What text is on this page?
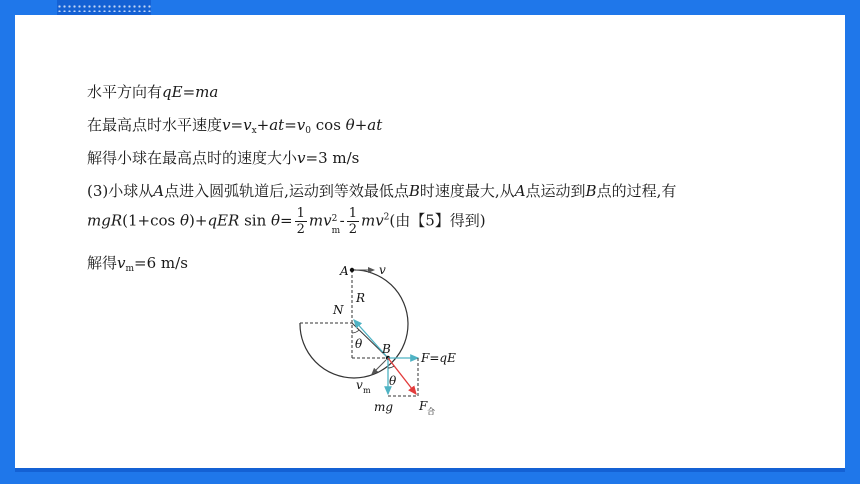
水平方向有qE=ma
在最高点时水平速度$v=v_x+at=v_0$ cos θ+at
解得小球在最高点时的速度大小v=3 m/s
(3)小球从A点进入圆弧轨道后,运动到等效最低点B时速度最大,从A点运动到B点的过程,有
mgR(1+cos θ)+qER $\sin \theta= \frac{1}{2}$ mv 2
m
- $\frac{1}{2} mv^2$(由【5】得到)
解得$v_m=6$ m/s	A	v
R
N
θ B
F=qE
v m
θ
mg F 合
